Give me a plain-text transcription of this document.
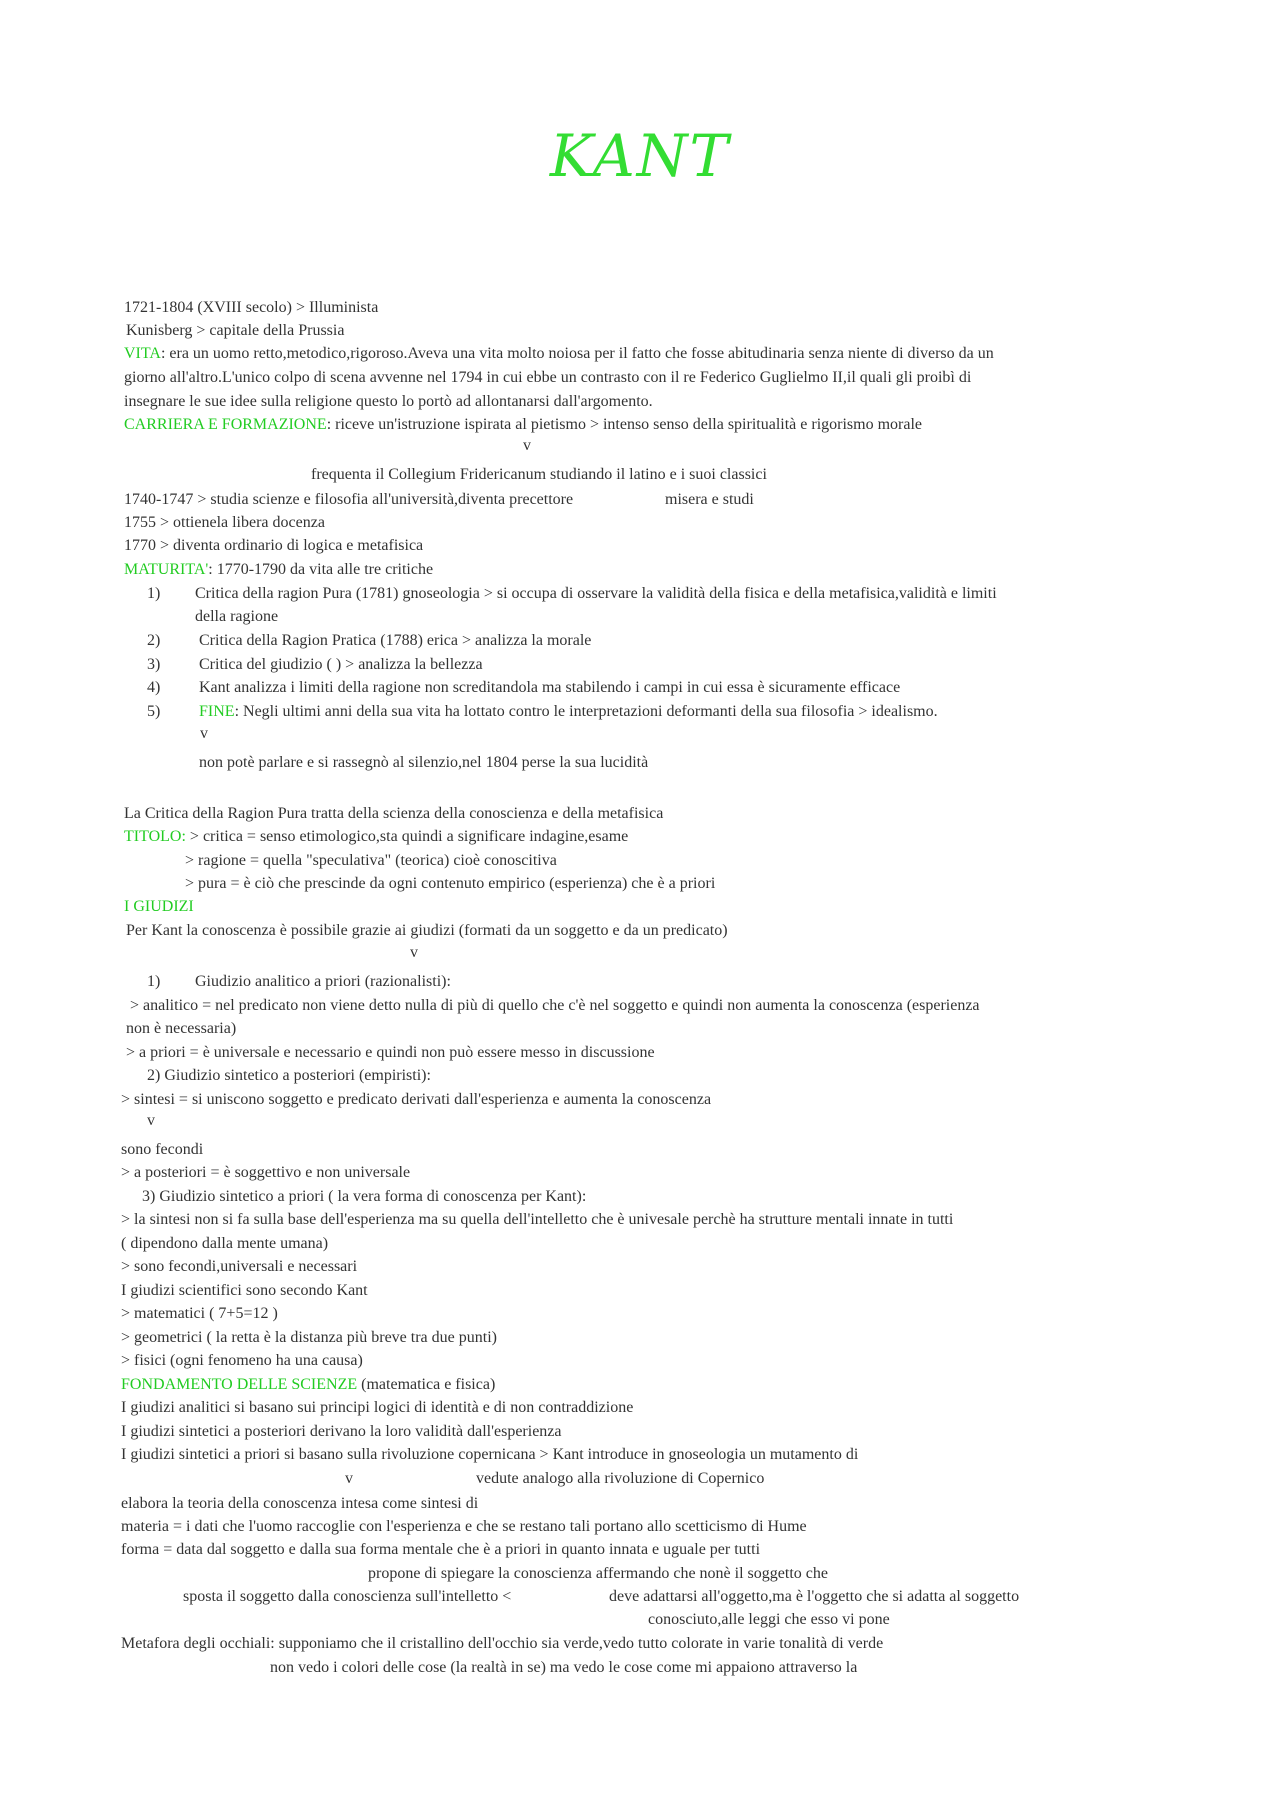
KANT
1721-1804 (XVIII secolo) > Illuminista
Kunisberg > capitale della Prussia
VITA: era un uomo retto,metodico,rigoroso.Aveva una vita molto noiosa per il fatto che fosse abitudinaria senza niente di diverso da un
giorno all'altro.L'unico colpo di scena avvenne nel 1794 in cui ebbe un contrasto con il re Federico Guglielmo II,il quali gli proibì di
insegnare le sue idee sulla religione questo lo portò ad allontanarsi dall'argomento.
CARRIERA E FORMAZIONE: riceve un'istruzione ispirata al pietismo > intenso senso della spiritualità e rigorismo morale
v
frequenta il Collegium Fridericanum studiando il latino e i suoi classici
1740-1747 > studia scienze e filosofia all'università,diventa precettore	misera e studi
1755 > ottienela libera docenza
1770 > diventa ordinario di logica e metafisica
MATURITA': 1770-1790 da vita alle tre critiche
1) Critica della ragion Pura (1781) gnoseologia > si occupa di osservare la validità della fisica e della metafisica,validità e limiti
della ragione
2) Critica della Ragion Pratica (1788) erica > analizza la morale
3) Critica del giudizio ( ) > analizza la bellezza
4) Kant analizza i limiti della ragione non screditandola ma stabilendo i campi in cui essa è sicuramente efficace
5) FINE: Negli ultimi anni della sua vita ha lottato contro le interpretazioni deformanti della sua filosofia > idealismo.
v
non potè parlare e si rassegnò al silenzio,nel 1804 perse la sua lucidità
La Critica della Ragion Pura tratta della scienza della conoscienza e della metafisica
TITOLO: > critica = senso etimologico,sta quindi a significare indagine,esame
> ragione = quella "speculativa" (teorica) cioè conoscitiva
> pura = è ciò che prescinde da ogni contenuto empirico (esperienza) che è a priori
I GIUDIZI
Per Kant la conoscenza è possibile grazie ai giudizi (formati da un soggetto e da un predicato)
v
1) Giudizio analitico a priori (razionalisti):
> analitico = nel predicato non viene detto nulla di più di quello che c'è nel soggetto e quindi non aumenta la conoscenza (esperienza
non è necessaria)
> a priori = è universale e necessario e quindi non può essere messo in discussione
2) Giudizio sintetico a posteriori (empiristi):
> sintesi = si uniscono soggetto e predicato derivati dall'esperienza e aumenta la conoscenza
v
sono fecondi
> a posteriori = è soggettivo e non universale
3) Giudizio sintetico a priori ( la vera forma di conoscenza per Kant):
> la sintesi non si fa sulla base dell'esperienza ma su quella dell'intelletto che è univesale perchè ha strutture mentali innate in tutti
( dipendono dalla mente umana)
> sono fecondi,universali e necessari
I giudizi scientifici sono secondo Kant
> matematici ( 7+5=12 )
> geometrici ( la retta è la distanza più breve tra due punti)
> fisici (ogni fenomeno ha una causa)
FONDAMENTO DELLE SCIENZE (matematica e fisica)
I giudizi analitici si basano sui principi logici di identità e di non contraddizione
I giudizi sintetici a posteriori derivano la loro validità dall'esperienza
I giudizi sintetici a priori si basano sulla rivoluzione copernicana > Kant introduce in gnoseologia un mutamento di
v	vedute analogo alla rivoluzione di Copernico
elabora la teoria della conoscenza intesa come sintesi di
materia = i dati che l'uomo raccoglie con l'esperienza e che se restano tali portano allo scetticismo di Hume
forma = data dal soggetto e dalla sua forma mentale che è a priori in quanto innata e uguale per tutti
propone di spiegare la conoscienza affermando che nonè il soggetto che
sposta il soggetto dalla conoscienza sull'intelletto <	deve adattarsi all'oggetto,ma è l'oggetto che si adatta al soggetto
conosciuto,alle leggi che esso vi pone
Metafora degli occhiali: supponiamo che il cristallino dell'occhio sia verde,vedo tutto colorate in varie tonalità di verde
non vedo i colori delle cose (la realtà in se) ma vedo le cose come mi appaiono attraverso la
